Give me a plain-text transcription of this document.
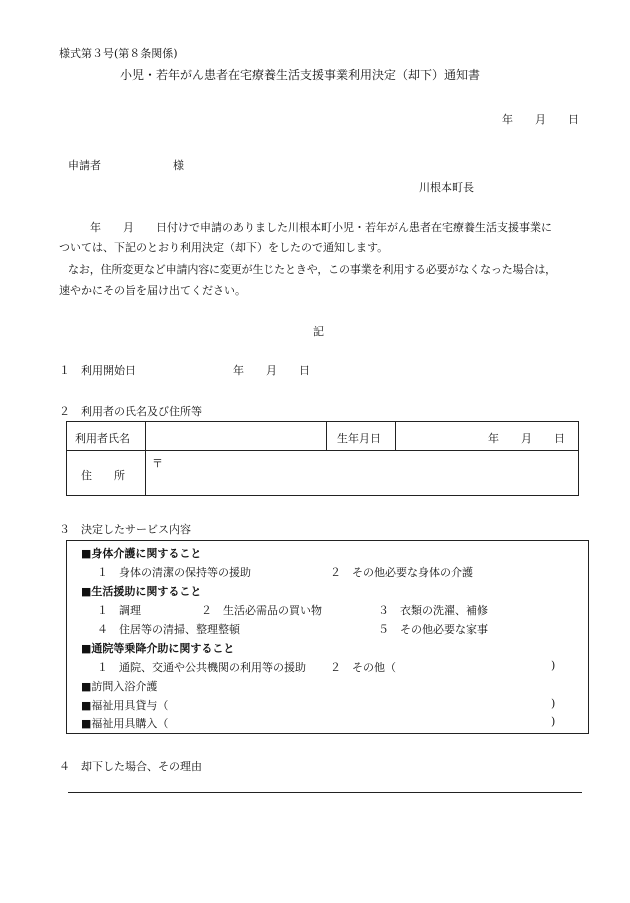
様式第３号(第８条関係)
小児・若年がん患者在宅療養生活支援事業利用決定（却下）通知書
年　　月　　日
申請者	様
川根本町長
年　　月　　日付けで申請のありました川根本町小児・若年がん患者在宅療養生活支援事業に
ついては、下記のとおり利用決定（却下）をしたので通知します。
なお，住所変更など申請内容に変更が生じたときや，この事業を利用する必要がなくなった場合は，
速やかにその旨を届け出てください。
記
１　利用開始日	年　　月　　日
２　利用者の氏名及び住所等
利用者氏名	生年月日	年　　月　　日
住　　所
〒
３　決定したサービス内容
■身体介護に関すること
１　身体の清潔の保持等の援助	２　その他必要な身体の介護
■生活援助に関すること
１　調理	２　生活必需品の買い物	３　衣類の洗濯、補修
４　住居等の清掃、整理整頓	５　その他必要な家事
■通院等乗降介助に関すること
１　通院、交通や公共機関の利用等の援助 ２　その他（	)
■訪問入浴介護
■福祉用具貸与（	)
■福祉用具購入（	)
４　却下した場合、その理由
